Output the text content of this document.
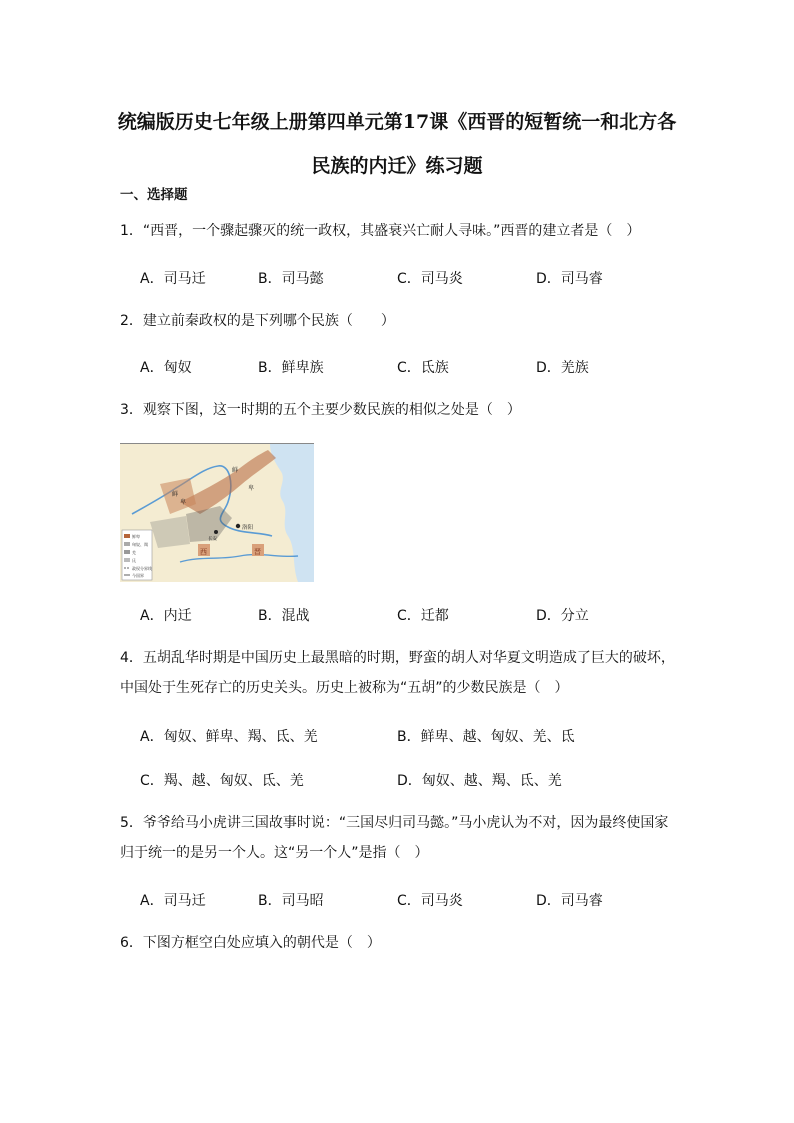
统编版历史七年级上册第四单元第17课《西晋的短暂统一和北方各
民族的内迁》练习题
一、选择题
1．“西晋，一个骤起骤灭的统一政权，其盛衰兴亡耐人寻味。”西晋的建立者是（　）
A．司马迁	B．司马懿	C．司马炎	D．司马睿
2．建立前秦政权的是下列哪个民族（　　）
A．匈奴	B．鲜卑族	C．氐族	D．羌族
3．观察下图，这一时期的五个主要少数民族的相似之处是（　）
鲜卑
匈奴、羯
羌
氐
政权分界线
今国界
鲜
卑
鲜
卑
洛阳
长安
西	晋
A．内迁	B．混战	C．迁都	D．分立
4．五胡乱华时期是中国历史上最黑暗的时期，野蛮的胡人对华夏文明造成了巨大的破坏，中国处于生死存亡的历史关头。历史上被称为“五胡”的少数民族是（　）
A．匈奴、鲜卑、羯、氐、羌	B．鲜卑、越、匈奴、羌、氐
C．羯、越、匈奴、氐、羌	D．匈奴、越、羯、氐、羌
5．爷爷给马小虎讲三国故事时说：“三国尽归司马懿。”马小虎认为不对，因为最终使国家归于统一的是另一个人。这“另一个人”是指（　）
A．司马迁	B．司马昭	C．司马炎	D．司马睿
6．下图方框空白处应填入的朝代是（　）
